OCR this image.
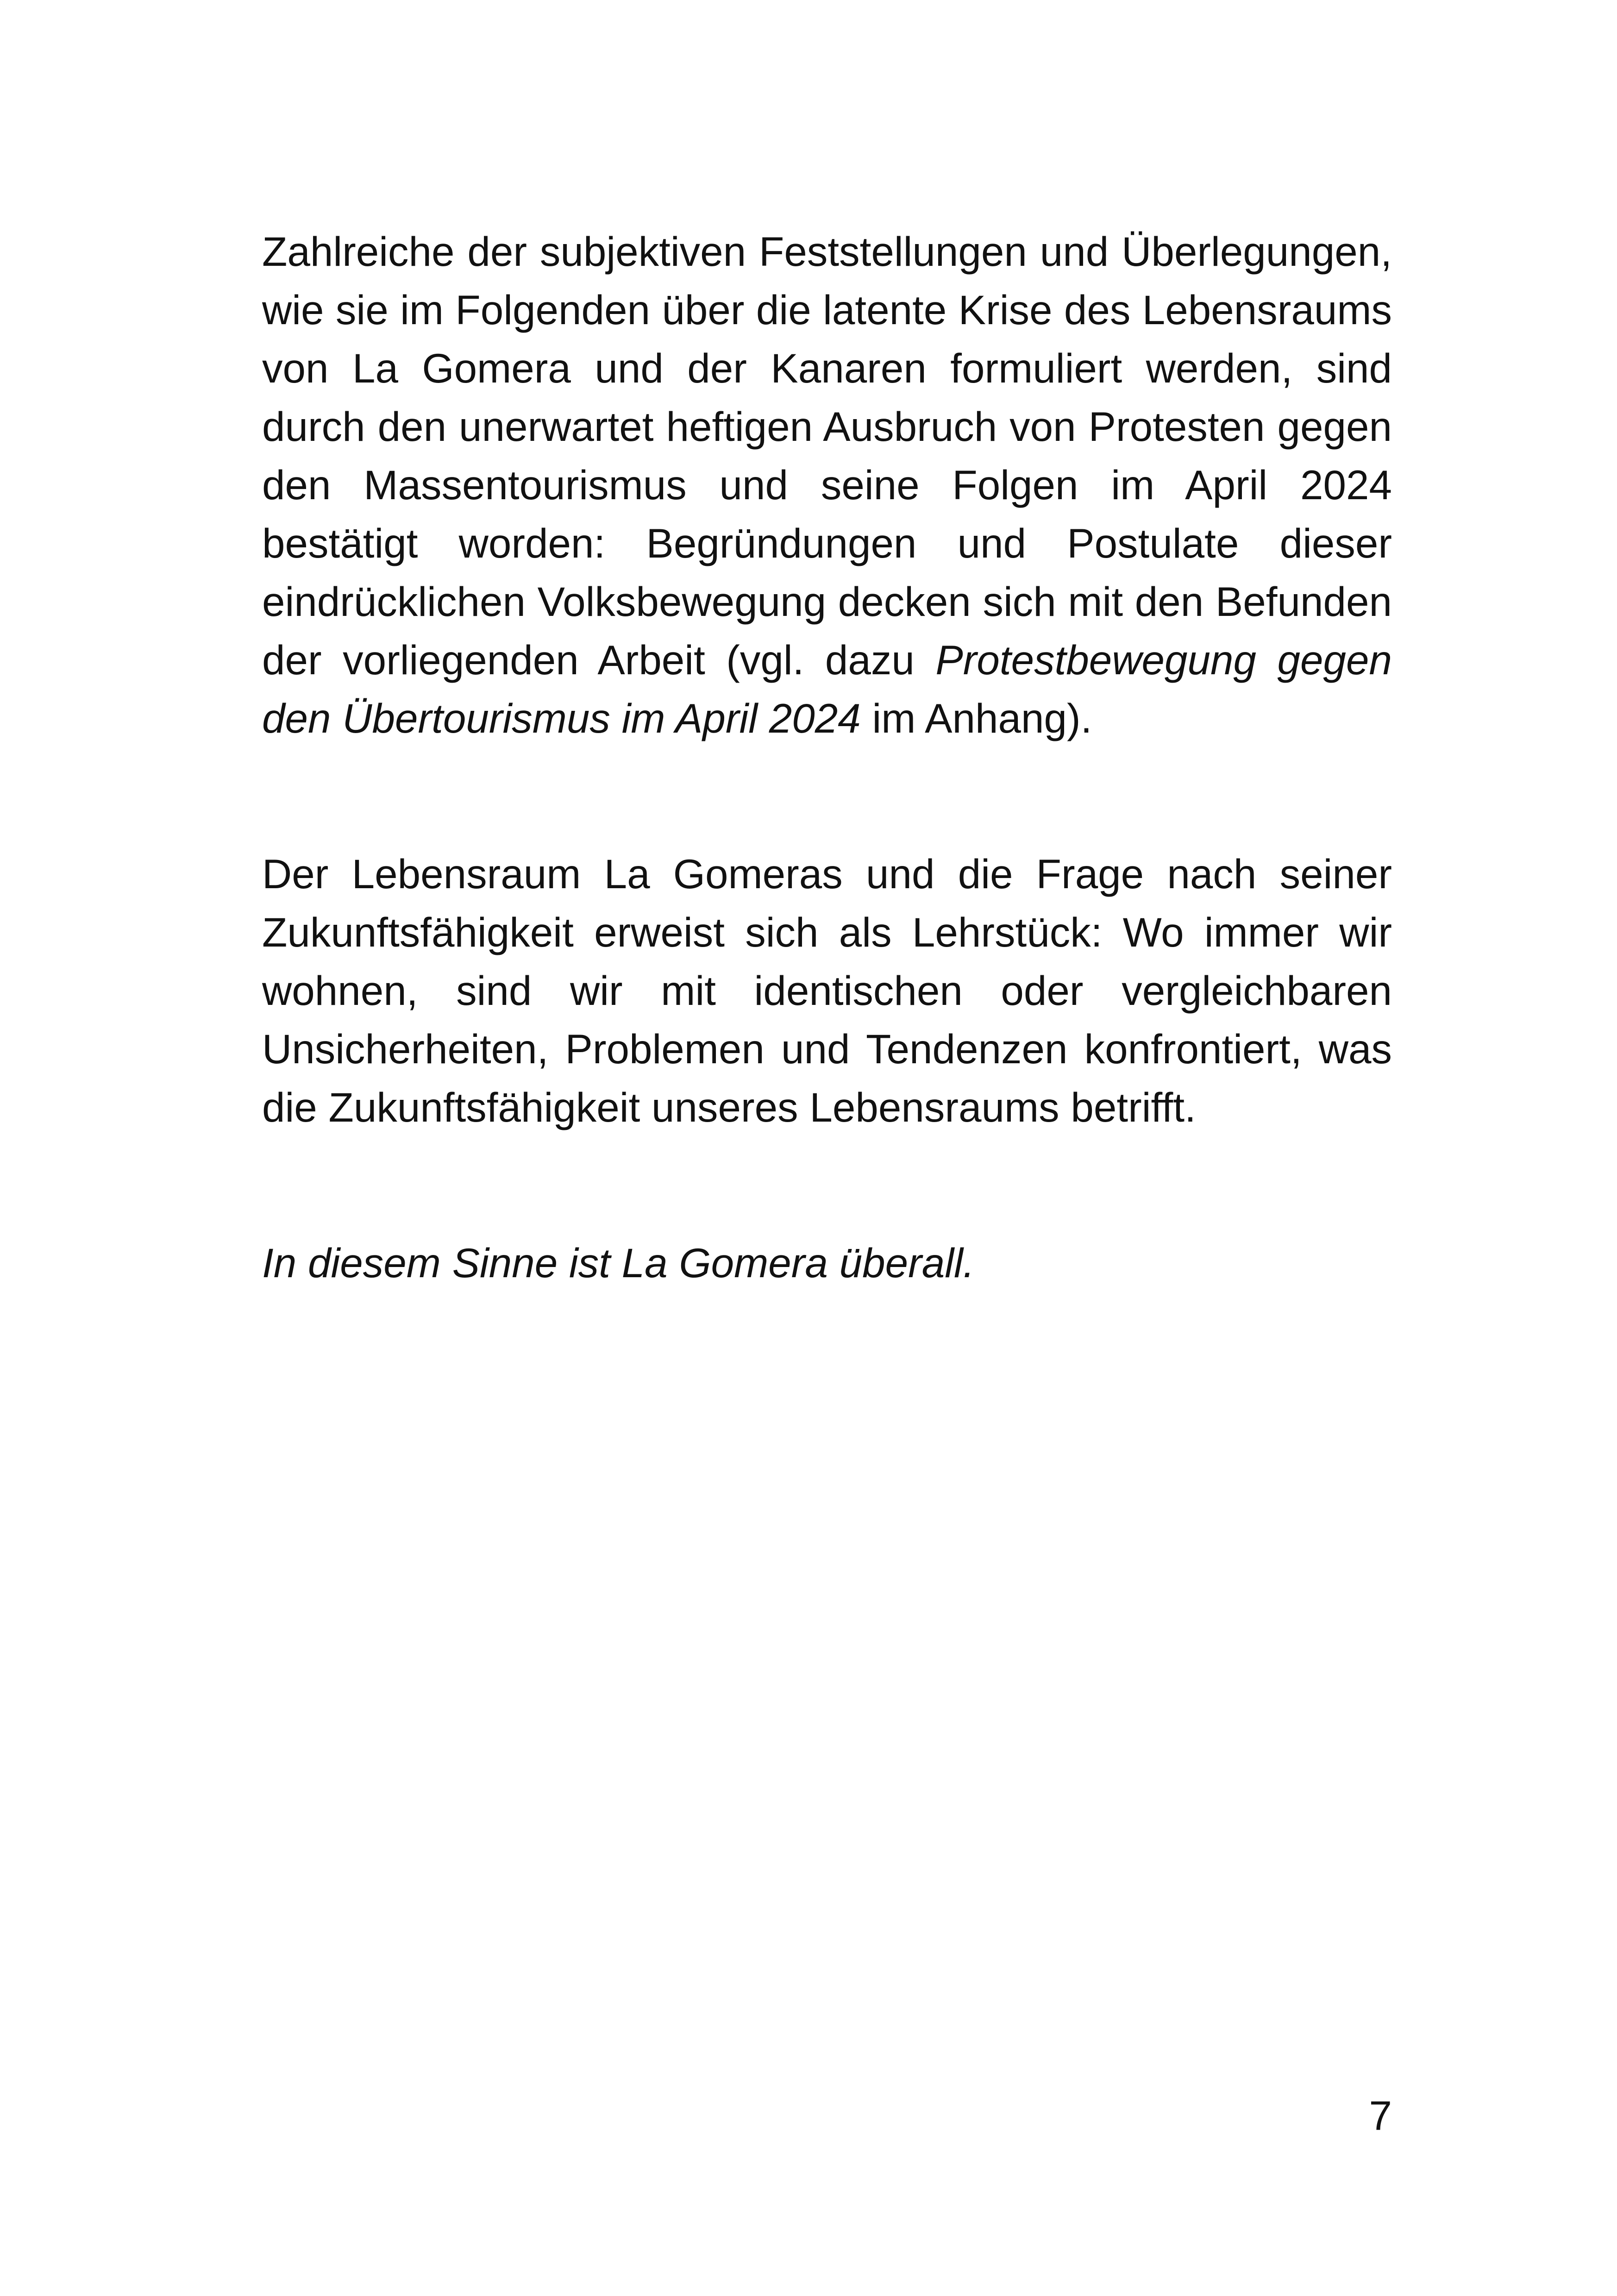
Zahlreiche der subjektiven Feststellungen und Überlegungen, wie sie im Folgenden über die latente Krise des Lebensraums von La Gomera und der Kanaren formuliert werden, sind durch den unerwartet heftigen Ausbruch von Protesten gegen den Massentourismus und seine Folgen im April 2024 bestätigt worden: Begründungen und Postulate dieser eindrücklichen Volksbewegung decken sich mit den Befunden der vorliegenden Arbeit (vgl. dazu Protestbewegung gegen den Übertourismus im April 2024 im Anhang).

Der Lebensraum La Gomeras und die Frage nach seiner Zukunftsfähigkeit erweist sich als Lehrstück: Wo immer wir wohnen, sind wir mit identischen oder vergleichbaren Unsicherheiten, Problemen und Tendenzen konfrontiert, was die Zukunftsfähigkeit unseres Lebensraums betrifft.

In diesem Sinne ist La Gomera überall.

7
